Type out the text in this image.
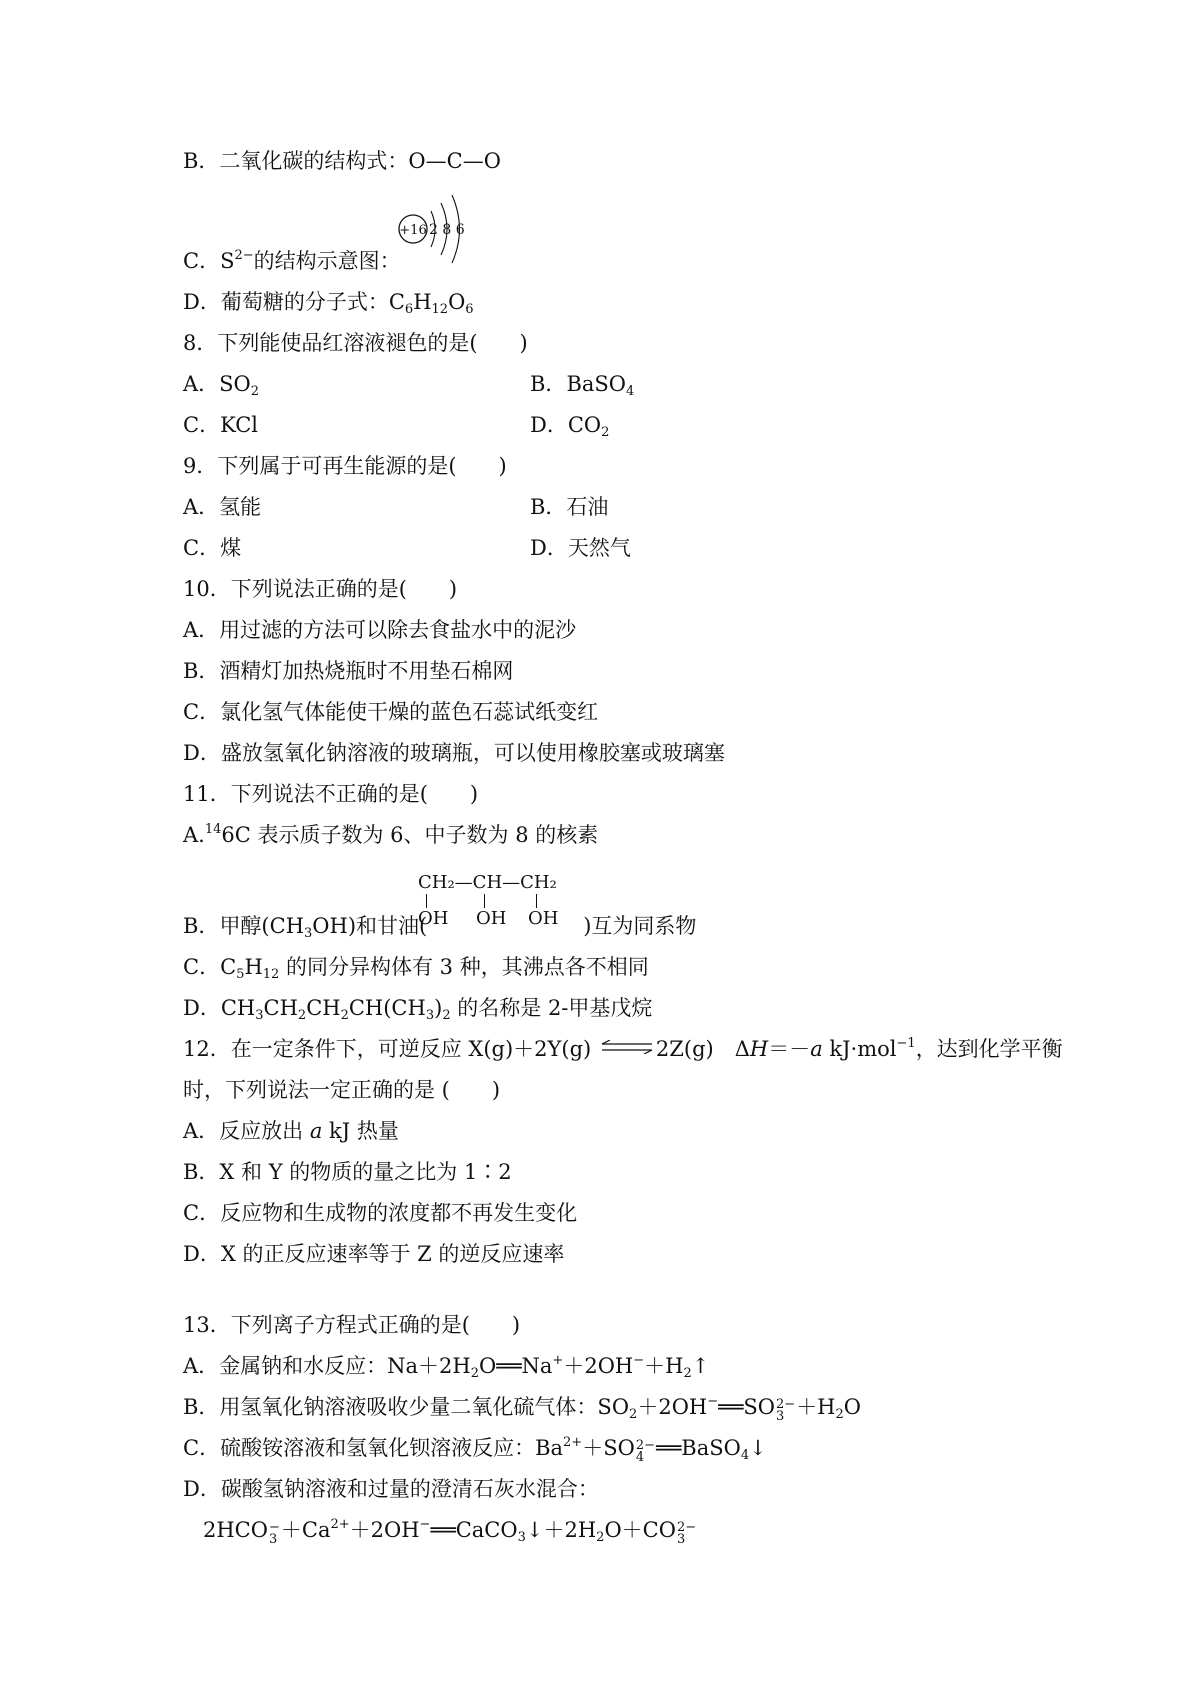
B．二氧化碳的结构式：O—C—O
+16 2 8 6
C．$S^{2-}$的结构示意图：
D．葡萄糖的分子式：$C_6H_{12}O_6$
8．下列能使品红溶液褪色的是(　　)
A．$SO_2$	B．BaSO$_4$
C．KCl	D．$CO_2$
9．下列属于可再生能源的是(　　)
A．氢能	B．石油
C．煤	D．天然气
10．下列说法正确的是(　　)
A．用过滤的方法可以除去食盐水中的泥沙
B．酒精灯加热烧瓶时不用垫石棉网
C．氯化氢气体能使干燥的蓝色石蕊试纸变红
D．盛放氢氧化钠溶液的玻璃瓶，可以使用橡胶塞或玻璃塞
11．下列说法不正确的是(　　)
A.$^{14}$6C 表示质子数为 6、中子数为 8 的核素
CH₂—CH—CH₂
OH OH OH
B．甲醇$(CH_3OH)$和甘油(	)互为同系物
C．$C_5H_{12}$ 的同分异构体有 3 种，其沸点各不相同
D．$CH_3CH_2CH_2CH(CH_3)_2$ 的名称是 2-甲基戊烷
12．在一定条件下，可逆反应 X(g)＋2Y(g) ⇌ 2Z(g)　ΔH＝－a kJ·mol$^{-1}$，达到化学平衡
时，下列说法一定正确的是 (　　)
A．反应放出 a kJ 热量
B．X 和 Y 的物质的量之比为 1∶2
C．反应物和生成物的浓度都不再发生变化
D．X 的正反应速率等于 Z 的逆反应速率
13．下列离子方程式正确的是(　　)
A．金属钠和水反应：$Na+2H_2O══Na^++2OH^-+H_2↑$
B．用氢氧化钠溶液吸收少量二氧化硫气体：$SO_2+2OH^-══SO$ 2−
$3 +H_2O$
C．硫酸铵溶液和氢氧化钡溶液反应：$Ba^{2+}+SO$ 2−
4 ══BaSO$_4$↓
D．碳酸氢钠溶液和过量的澄清石灰水混合：
2HCO −
$3 +Ca^{2+}+2OH^-══CaCO_3↓+2H_2O+CO$ 2−
3
